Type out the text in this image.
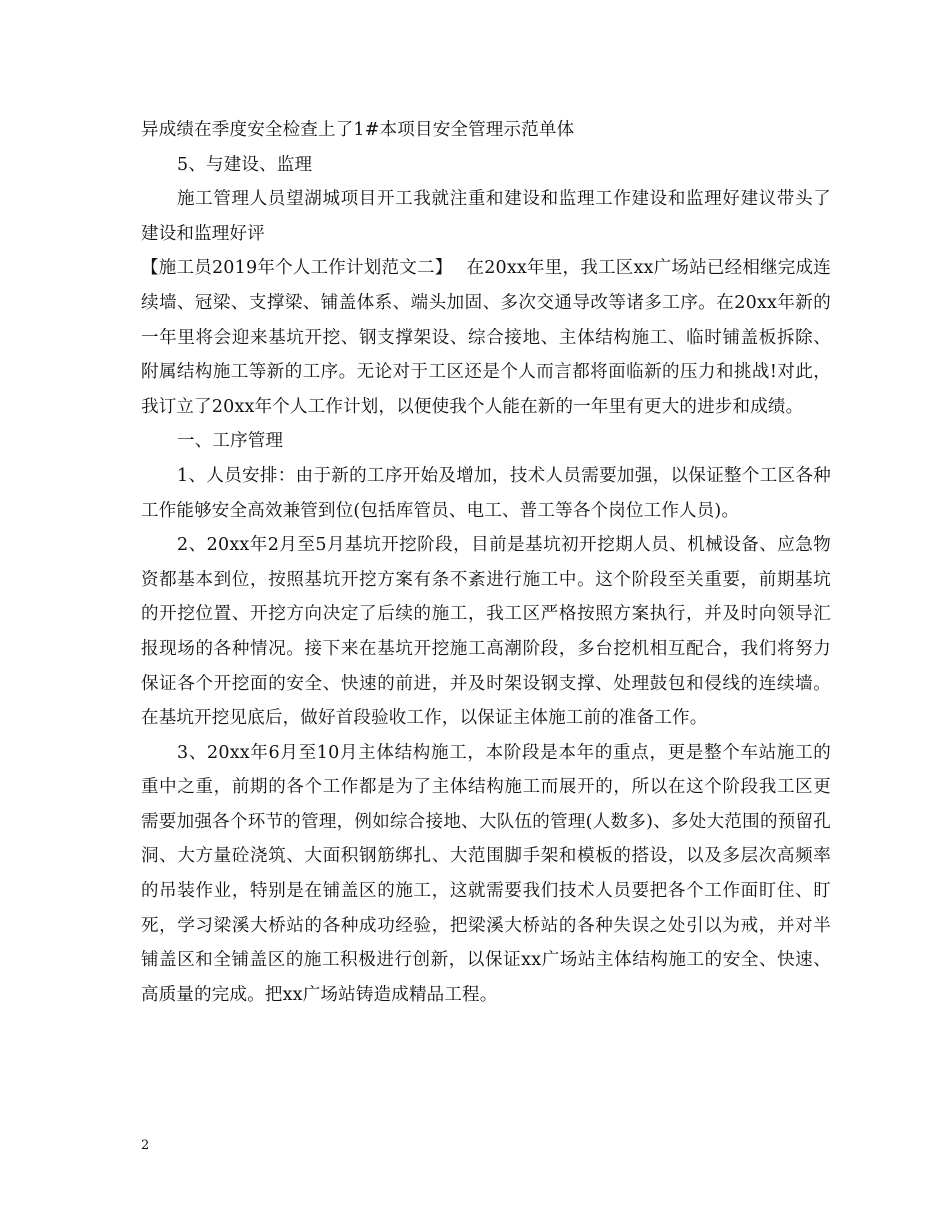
异成绩在季度安全检查上了1#本项目安全管理示范单体

5、与建设、监理

施工管理人员望湖城项目开工我就注重和建设和监理工作建设和监理好建议带头了建设和监理好评

【施工员2019年个人工作计划范文二】 在20xx年里，我工区xx广场站已经相继完成连续墙、冠梁、支撑梁、铺盖体系、端头加固、多次交通导改等诸多工序。在20xx年新的一年里将会迎来基坑开挖、钢支撑架设、综合接地、主体结构施工、临时铺盖板拆除、附属结构施工等新的工序。无论对于工区还是个人而言都将面临新的压力和挑战!对此，我订立了20xx年个人工作计划，以便使我个人能在新的一年里有更大的进步和成绩。

一、工序管理

1、人员安排：由于新的工序开始及增加，技术人员需要加强，以保证整个工区各种工作能够安全高效兼管到位(包括库管员、电工、普工等各个岗位工作人员)。

2、20xx年2月至5月基坑开挖阶段，目前是基坑初开挖期人员、机械设备、应急物资都基本到位，按照基坑开挖方案有条不紊进行施工中。这个阶段至关重要，前期基坑的开挖位置、开挖方向决定了后续的施工，我工区严格按照方案执行，并及时向领导汇报现场的各种情况。接下来在基坑开挖施工高潮阶段，多台挖机相互配合，我们将努力保证各个开挖面的安全、快速的前进，并及时架设钢支撑、处理鼓包和侵线的连续墙。在基坑开挖见底后，做好首段验收工作，以保证主体施工前的准备工作。

3、20xx年6月至10月主体结构施工，本阶段是本年的重点，更是整个车站施工的重中之重，前期的各个工作都是为了主体结构施工而展开的，所以在这个阶段我工区更需要加强各个环节的管理，例如综合接地、大队伍的管理(人数多)、多处大范围的预留孔洞、大方量砼浇筑、大面积钢筋绑扎、大范围脚手架和模板的搭设，以及多层次高频率的吊装作业，特别是在铺盖区的施工，这就需要我们技术人员要把各个工作面盯住、盯死，学习梁溪大桥站的各种成功经验，把梁溪大桥站的各种失误之处引以为戒，并对半铺盖区和全铺盖区的施工积极进行创新，以保证xx广场站主体结构施工的安全、快速、高质量的完成。把xx广场站铸造成精品工程。

2
